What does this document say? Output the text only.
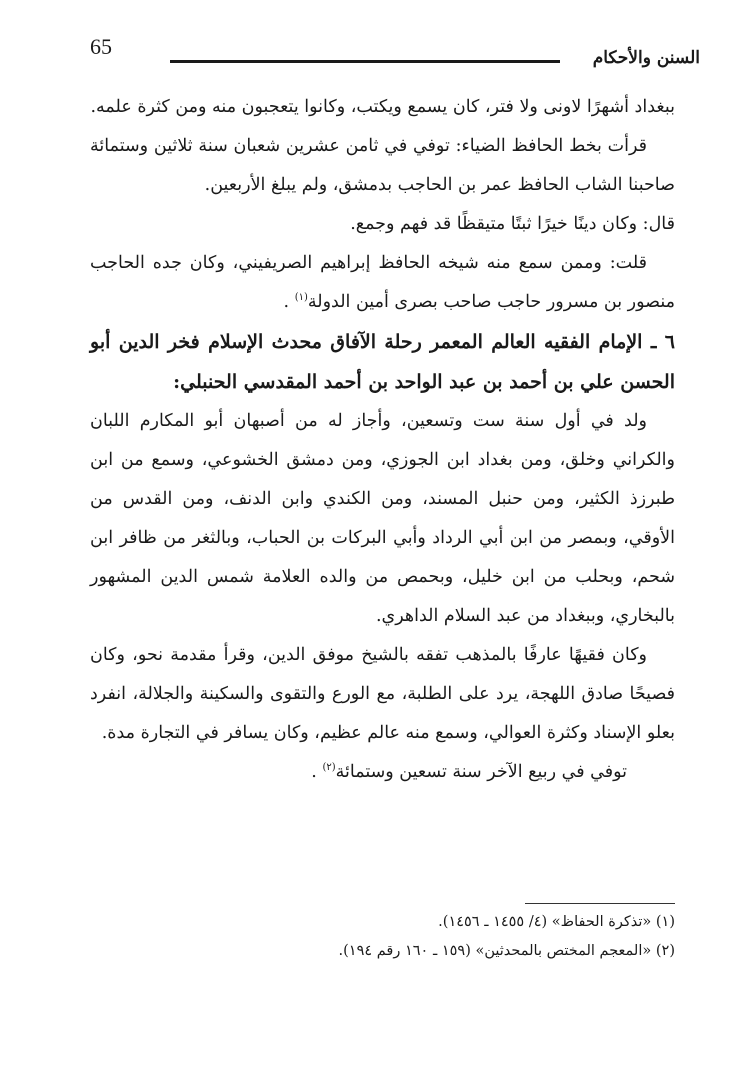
65	السنن والأحكام

ببغداد أشهرًا لاونى ولا فتر، كان يسمع ويكتب، وكانوا يتعجبون منه ومن كثرة علمه.

قرأت بخط الحافظ الضياء: توفي في ثامن عشرين شعبان سنة ثلاثين وستمائة صاحبنا الشاب الحافظ عمر بن الحاجب بدمشق، ولم يبلغ الأربعين.

قال: وكان دينًا خيرًا ثبتًا متيقظًا قد فهم وجمع.

قلت: وممن سمع منه شيخه الحافظ إبراهيم الصريفيني، وكان جده الحاجب منصور بن مسرور حاجب صاحب بصرى أمين الدولة$^{(١)}$ .

٦ ـ الإمام الفقيه العالم المعمر رحلة الآفاق محدث الإسلام فخر الدين أبو الحسن علي بن أحمد بن عبد الواحد بن أحمد المقدسي الحنبلي:

ولد في أول سنة ست وتسعين، وأجاز له من أصبهان أبو المكارم اللبان والكراني وخلق، ومن بغداد ابن الجوزي، ومن دمشق الخشوعي، وسمع من ابن طبرزذ الكثير، ومن حنبل المسند، ومن الكندي وابن الدنف، ومن القدس من الأوقي، وبمصر من ابن أبي الرداد وأبي البركات بن الحباب، وبالثغر من ظافر ابن شحم، وبحلب من ابن خليل، وبحمص من والده العلامة شمس الدين المشهور بالبخاري، وببغداد من عبد السلام الداهري.

وكان فقيهًا عارفًا بالمذهب تفقه بالشيخ موفق الدين، وقرأ مقدمة نحو، وكان فصيحًا صادق اللهجة، يرد على الطلبة، مع الورع والتقوى والسكينة والجلالة، انفرد بعلو الإسناد وكثرة العوالي، وسمع منه عالم عظيم، وكان يسافر في التجارة مدة.

توفي في ربيع الآخر سنة تسعين وستمائة$^{(٢)}$ .

(١) «تذكرة الحفاظ» (٤/ ١٤٥٥ ـ ١٤٥٦).

(٢) «المعجم المختص بالمحدثين» (١٥٩ ـ ١٦٠ رقم ١٩٤).
